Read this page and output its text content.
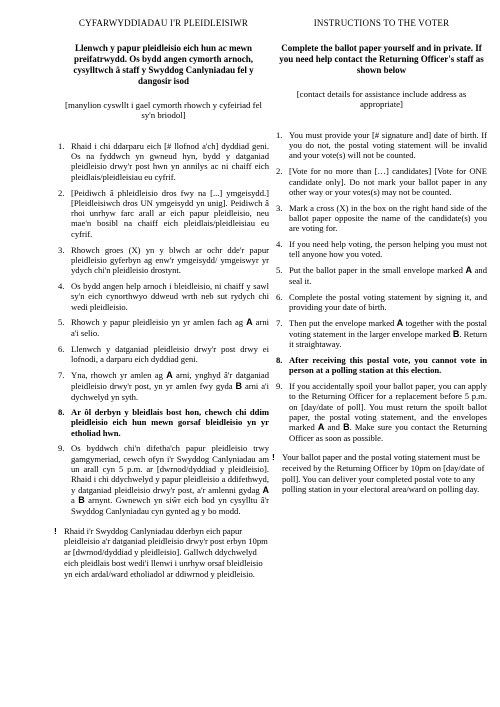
CYFARWYDDIADAU I'R PLEIDLEISIWR

Llenwch y papur pleidleisio eich hun ac mewn preifatrwydd. Os bydd angen cymorth arnoch, cysylltwch â staff y Swyddog Canlyniadau fel y dangosir isod
[manylion cyswllt i gael cymorth rhowch y cyfeiriad fel sy'n briodol]
1. Rhaid i chi ddarparu eich [# llofnod a'ch] dyddiad geni. Os na fyddwch yn gwneud hyn, bydd y datganiad pleidleisio drwy'r post hwn yn annilys ac ni chaiff eich pleidlais/pleidleisiau eu cyfrif.
2. [Peidiwch â phleidleisio dros fwy na [...] ymgeisydd.] [Pleidleisiwch dros UN ymgeisydd yn unig]. Peidiwch â rhoi unrhyw farc arall ar eich papur pleidleisio, neu mae'n bosibl na chaiff eich pleidlais/pleidleisiau eu cyfrif.
3. Rhowch groes (X) yn y blwch ar ochr dde'r papur pleidleisio gyferbyn ag enw'r ymgeisydd/ ymgeiswyr yr ydych chi'n pleidleisio drostynt.
4. Os bydd angen help arnoch i bleidleisio, ni chaiff y sawl sy'n eich cynorthwyo ddweud wrth neb sut rydych chi wedi pleidleisio.
5. Rhowch y papur pleidleisio yn yr amlen fach ag A arni a'i selio.
6. Llenwch y datganiad pleidleisio drwy'r post drwy ei lofnodi, a darparu eich dyddiad geni.
7. Yna, rhowch yr amlen ag A arni, ynghyd â'r datganiad pleidleisio drwy'r post, yn yr amlen fwy gyda B arni a'i dychwelyd yn syth.
8. Ar ôl derbyn y bleidlais bost hon, chewch chi ddim pleidleisio eich hun mewn gorsaf bleidleisio yn yr etholiad hwn.
9. Os byddwch chi'n difetha'ch papur pleidleisio trwy gamgymeriad, cewch ofyn i'r Swyddog Canlyniadau am un arall cyn 5 p.m. ar [dwrnod/dyddiad y pleidleisio]. Rhaid i chi ddychwelyd y papur pleidleisio a ddifethwyd, y datganiad pleidleisio drwy'r post, a'r amlenni gydag A a B arnynt. Gwnewch yn siŵr eich bod yn cysylltu â'r Swyddog Canlyniadau cyn gynted ag y bo modd.
! Rhaid i'r Swyddog Canlyniadau dderbyn eich papur pleidleisio a'r datganiad pleidleisio drwy'r post erbyn 10pm ar [dwrnod/dyddiad y pleidleisio]. Gallwch ddychwelyd eich pleidlais bost wedi'i llenwi i unrhyw orsaf bleidleisio yn eich ardal/ward etholiadol ar ddiwrnod y pleidleisio.

INSTRUCTIONS TO THE VOTER

Complete the ballot paper yourself and in private. If you need help contact the Returning Officer's staff as shown below
[contact details for assistance include address as appropriate]
1. You must provide your [# signature and] date of birth. If you do not, the postal voting statement will be invalid and your vote(s) will not be counted.
2. [Vote for no more than […] candidates] [Vote for ONE candidate only]. Do not mark your ballot paper in any other way or your votes(s) may not be counted.
3. Mark a cross (X) in the box on the right hand side of the ballot paper opposite the name of the candidate(s) you are voting for.
4. If you need help voting, the person helping you must not tell anyone how you voted.
5. Put the ballot paper in the small envelope marked A and seal it.
6. Complete the postal voting statement by signing it, and providing your date of birth.
7. Then put the envelope marked A together with the postal voting statement in the larger envelope marked B. Return it straightaway.
8. After receiving this postal vote, you cannot vote in person at a polling station at this election.
9. If you accidentally spoil your ballot paper, you can apply to the Returning Officer for a replacement before 5 p.m. on [day/date of poll]. You must return the spoilt ballot paper, the postal voting statement, and the envelopes marked A and B. Make sure you contact the Returning Officer as soon as possible.
! Your ballot paper and the postal voting statement must be received by the Returning Officer by 10pm on [day/date of poll]. You can deliver your completed postal vote to any polling station in your electoral area/ward on polling day.
